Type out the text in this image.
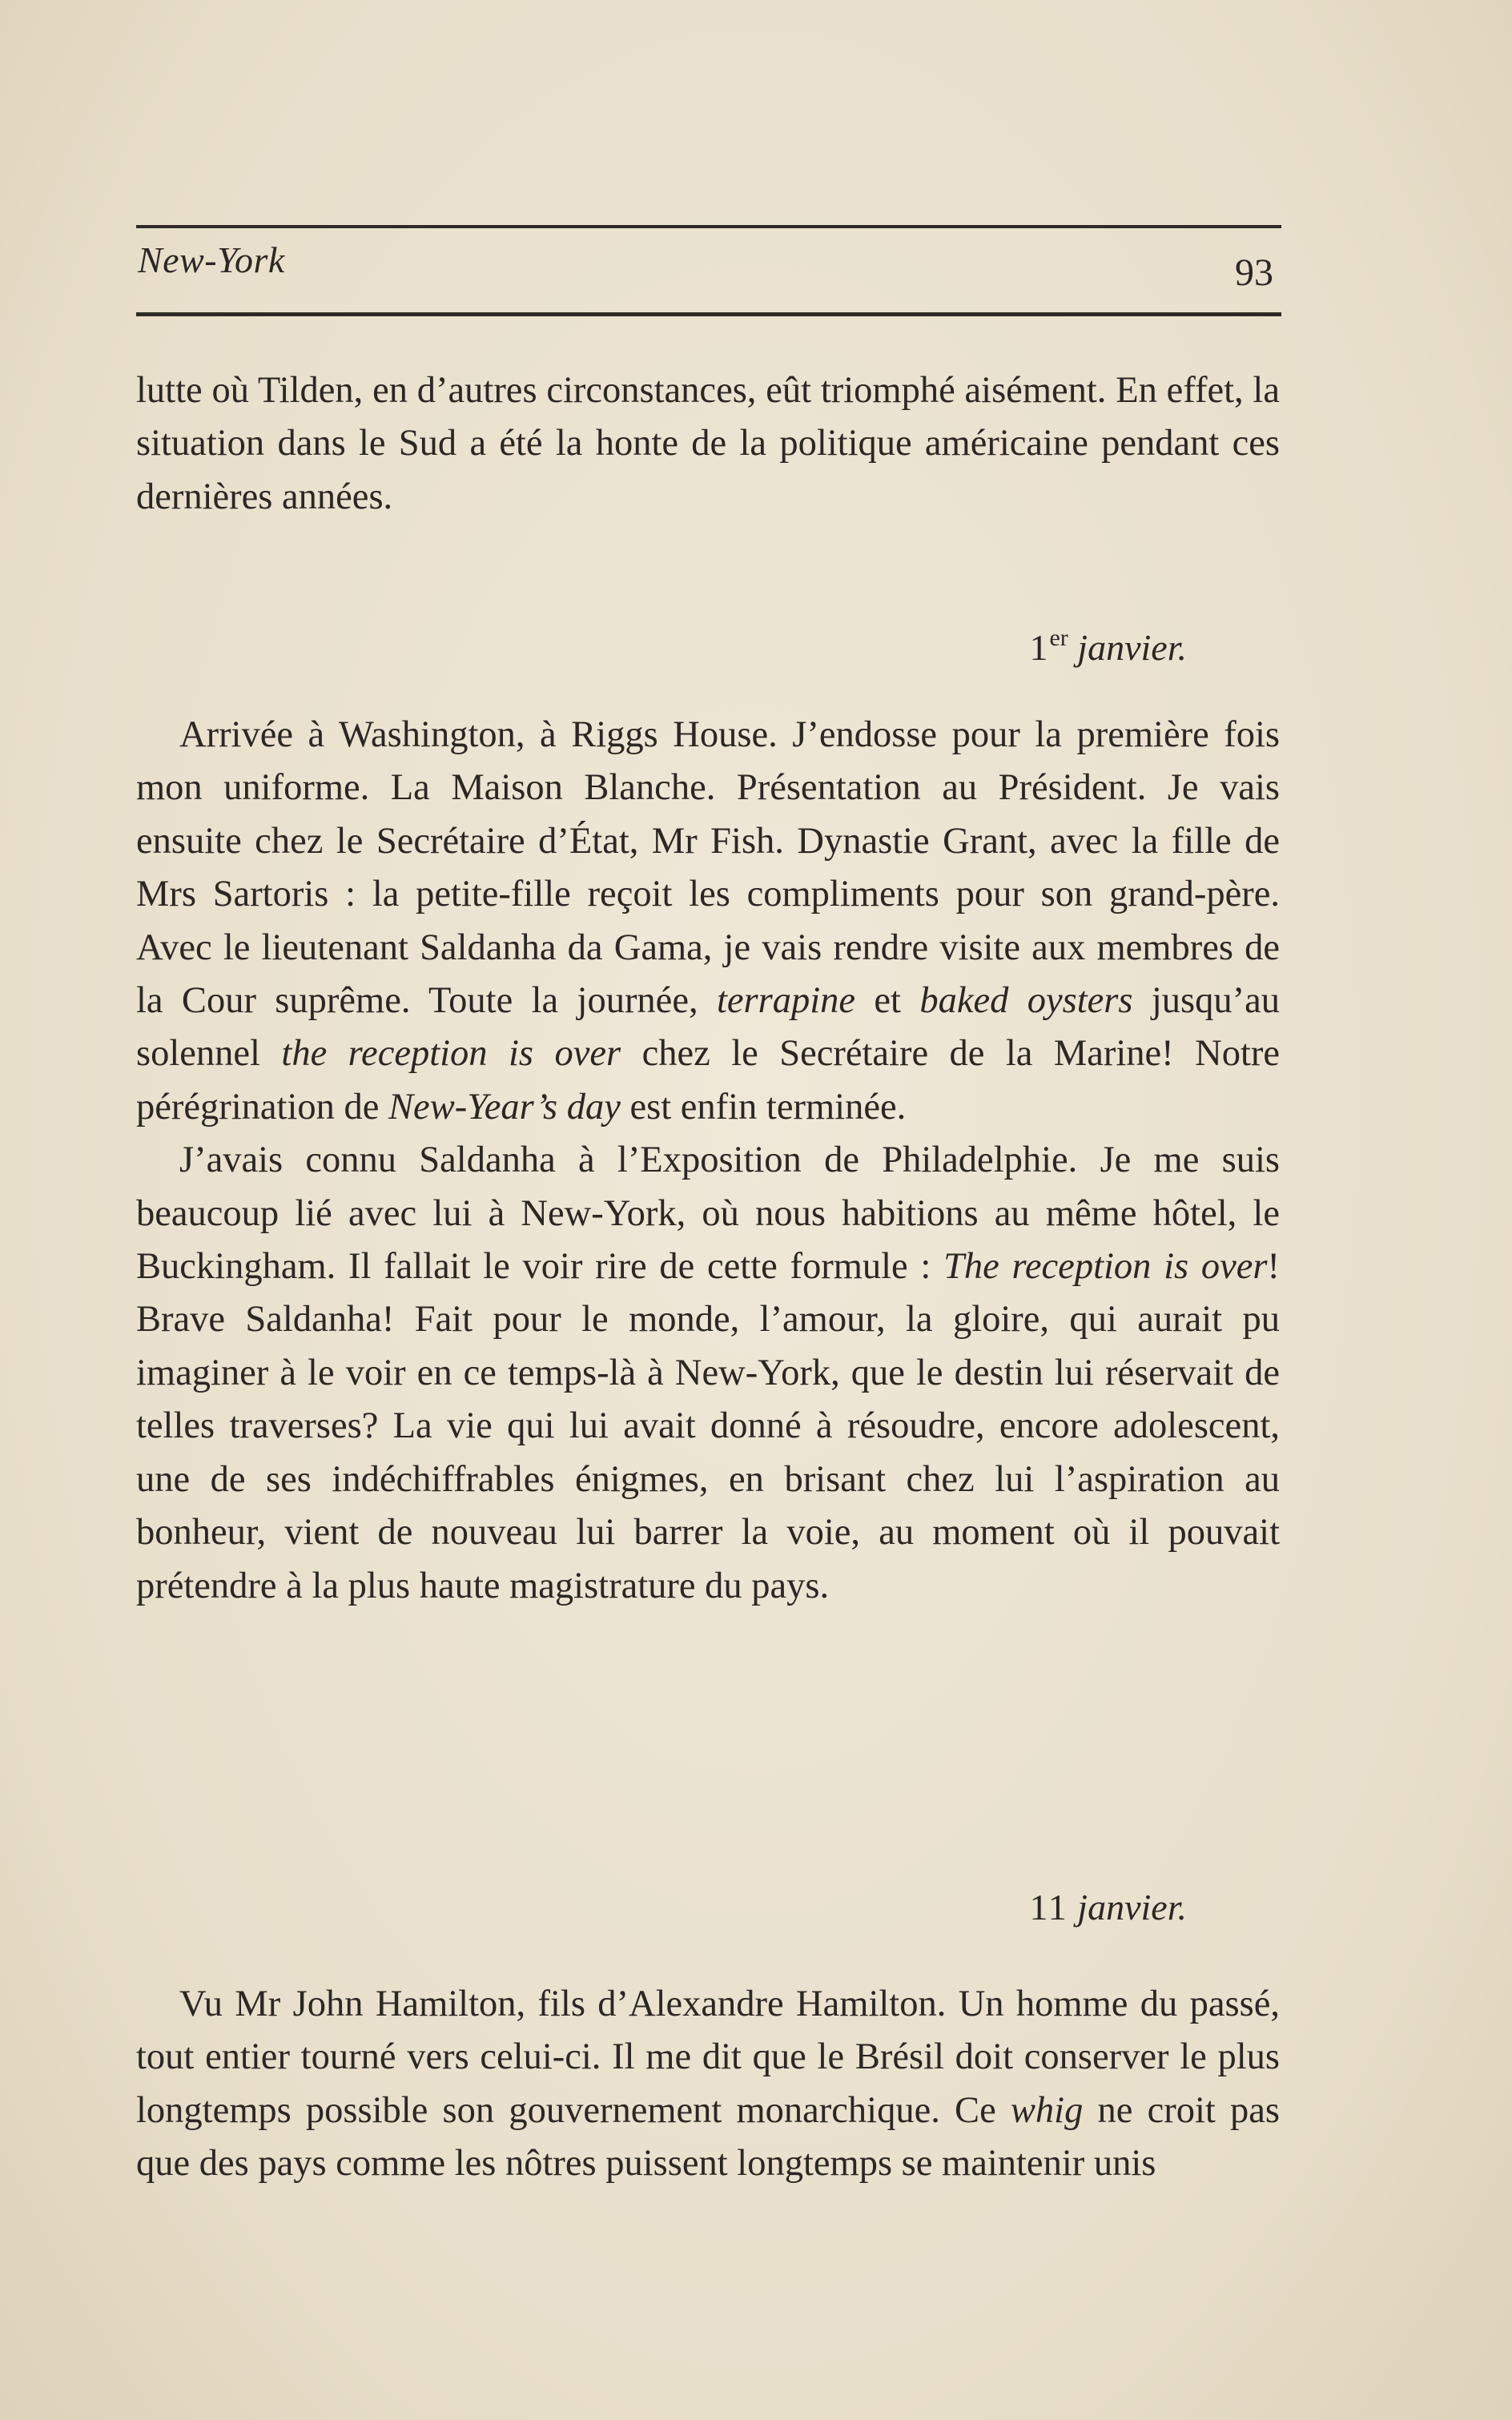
New-York	93

lutte où Tilden, en d’autres circonstances, eût triomphé aisément. En effet, la situation dans le Sud a été la honte de la politique américaine pendant ces dernières années.

1er janvier.

Arrivée à Washington, à Riggs House. J’endosse pour la première fois mon uniforme. La Maison Blanche. Présentation au Président. Je vais ensuite chez le Secrétaire d’État, Mr Fish. Dynastie Grant, avec la fille de Mrs Sartoris : la petite-fille reçoit les compliments pour son grand-père. Avec le lieutenant Saldanha da Gama, je vais rendre visite aux membres de la Cour suprême. Toute la journée, terrapine et baked oysters jusqu’au solennel the reception is over chez le Secrétaire de la Marine! Notre pérégrination de New-Year’s day est enfin terminée.

J’avais connu Saldanha à l’Exposition de Philadelphie. Je me suis beaucoup lié avec lui à New-York, où nous habitions au même hôtel, le Buckingham. Il fallait le voir rire de cette formule : The reception is over! Brave Saldanha! Fait pour le monde, l’amour, la gloire, qui aurait pu imaginer à le voir en ce temps-là à New-York, que le destin lui réservait de telles traverses? La vie qui lui avait donné à résoudre, encore adolescent, une de ses indéchiffrables énigmes, en brisant chez lui l’aspiration au bonheur, vient de nouveau lui barrer la voie, au moment où il pouvait prétendre à la plus haute magistrature du pays.

11 janvier.

Vu Mr John Hamilton, fils d’Alexandre Hamilton. Un homme du passé, tout entier tourné vers celui-ci. Il me dit que le Brésil doit conserver le plus longtemps possible son gouvernement monarchique. Ce whig ne croit pas que des pays comme les nôtres puissent longtemps se maintenir unis
